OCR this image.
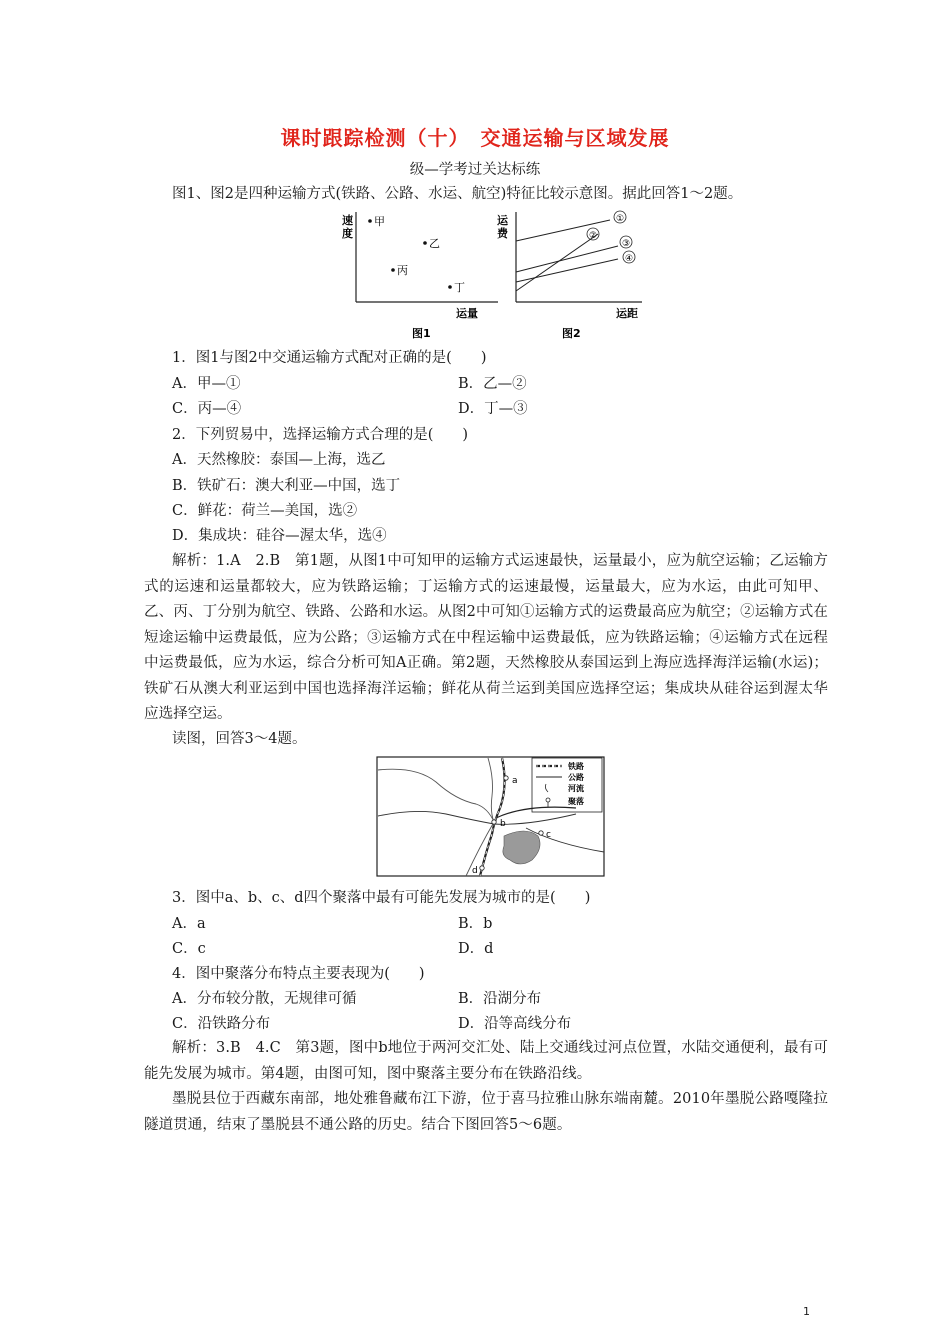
课时跟踪检测（十）　交通运输与区域发展
级—学考过关达标练
图1、图2是四种运输方式(铁路、公路、水运、航空)特征比较示意图。据此回答1～2题。
速
度
甲
乙
丙
丁
运量
图1
运
费
①
②
③
④
运距
图2
1．图1与图2中交通运输方式配对正确的是(　　)
A．甲—①	B．乙—②
C．丙—④	D．丁—③
2．下列贸易中，选择运输方式合理的是(　　)
A．天然橡胶：泰国—上海，选乙
B．铁矿石：澳大利亚—中国，选丁
C．鲜花：荷兰—美国，选②
D．集成块：硅谷—渥太华，选④
解析：1.A　2.B　第1题，从图1中可知甲的运输方式运速最快，运量最小，应为航空运输；乙运输方式的运速和运量都较大，应为铁路运输；丁运输方式的运速最慢，运量最大，应为水运，由此可知甲、乙、丙、丁分别为航空、铁路、公路和水运。从图2中可知①运输方式的运费最高应为航空；②运输方式在短途运输中运费最低，应为公路；③运输方式在中程运输中运费最低，应为铁路运输；④运输方式在远程中运费最低，应为水运，综合分析可知A正确。第2题，天然橡胶从泰国运到上海应选择海洋运输(水运)；铁矿石从澳大利亚运到中国也选择海洋运输；鲜花从荷兰运到美国应选择空运；集成块从硅谷运到渥太华应选择空运。
读图，回答3～4题。
铁路
公路
河流
聚落
a
b
c
d
3．图中a、b、c、d四个聚落中最有可能先发展为城市的是(　　)
A．a	B．b
C．c	D．d
4．图中聚落分布特点主要表现为(　　)
A．分布较分散，无规律可循	B．沿湖分布
C．沿铁路分布	D．沿等高线分布
解析：3.B　4.C　第3题，图中b地位于两河交汇处、陆上交通线过河点位置，水陆交通便利，最有可能先发展为城市。第4题，由图可知，图中聚落主要分布在铁路沿线。
墨脱县位于西藏东南部，地处雅鲁藏布江下游，位于喜马拉雅山脉东端南麓。2010年墨脱公路嘎隆拉隧道贯通，结束了墨脱县不通公路的历史。结合下图回答5～6题。
1
